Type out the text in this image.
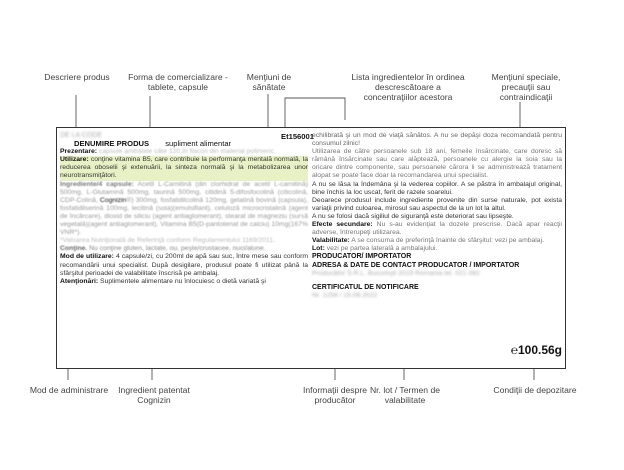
Descriere produs	Forma de comercializare - tablete, capsule
Menţiuni de sănătate
Lista ingredientelor în ordinea descrescătoare a concentraţiilor acestora
Menţiuni speciale, precauţii sau contraindicaţii
Mod de administrare	Ingredient patentat Cognizin
Informaţii despre producător
Nr. lot / Termen de valabilitate
Condiţii de depozitare

DE LA CODE

DENUMIRE PRODUS supliment alimentar

Prezentare: capsule ambalate câte 120 în flacon din material polimeric.

Utilizare: conţine vitamina B5, care contribuie la performanţa mentală normală, la reducerea oboselii şi extenuării, la sinteza normală şi la metabolizarea unor neurotransmiţători.

Ingrediente/4 capsule: Acetil L-Carnitină (din clorhidrat de acetil L-carnitină) 500mg, L-Glutamină 500mg, taurină 500mg, citidină 5-difosfocolină (citicolină, CDP-Colină, Cognizin®) 300mg, fosfatidilcolină 120mg, gelatină bovină (capsula), fosfatidilserină 100mg, lecitină (soia)(emulsifiant), celuloză microcristalină (agent de încărcare), dioxid de siliciu (agent antiaglomerant), stearat de magneziu (sursă vegetală)(agent antiaglomerant), Vitamina B5(D-pantotenat de calciu) 10mg(167% VNR*).

*Valoarea Nutriţională de Referinţă conform Regulamentului 1169/2011.

Conţine. Nu conţine gluten, lactate, ou, peşte/crustacee, nuci/alune.

Mod de utilizare: 4 capsule/zi, cu 200ml de apă sau suc, între mese sau conform recomandării unui specialist. După desigilare, produsul poate fi utilizat până la sfârşitul perioadei de valabilitate înscrisă pe ambalaj.

Atenţionări: Suplimentele alimentare nu înlocuiesc o dietă variată şi

Et156001

echilibrată şi un mod de viaţă sănătos. A nu se depăşi doza recomandată pentru consumul zilnic!

Utilizarea de către persoanele sub 18 ani, femeile însărcinate, care doresc să rămână însărcinate sau care alăptează, persoanele cu alergie la soia sau la oricare dintre componente, sau persoanele cărora li se administrează tratament alopat se poate face doar la recomandarea unui specialist.

A nu se lăsa la îndemâna şi la vederea copiilor. A se păstra în ambalajul original, bine închis la loc uscat, ferit de razele soarelui.

Deoarece produsul include ingrediente provenite din surse naturale, pot exista variaţii privind culoarea, mirosul sau aspectul de la un lot la altul.

A nu se folosi dacă sigiliul de siguranţă este deteriorat sau lipseşte.

Efecte secundare: Nu s-au evidenţiat la dozele prescrise. Dacă apar reacţii adverse, întrerupeţi utilizarea.

Valabilitate: A se consuma de preferinţă înainte de sfârşitul: vezi pe ambalaj.

Lot: vezi pe partea laterală a ambalajului.

PRODUCATOR/ IMPORTATOR

ADRESA & DATE DE CONTACT PRODUCATOR / IMPORTATOR

Producător S.R.L. Bucureşti 2019 Romania tel. 021 082

CERTIFICATUL DE NOTIFICARE

Nr. 1234 / 15.08.2022

℮100.56g
